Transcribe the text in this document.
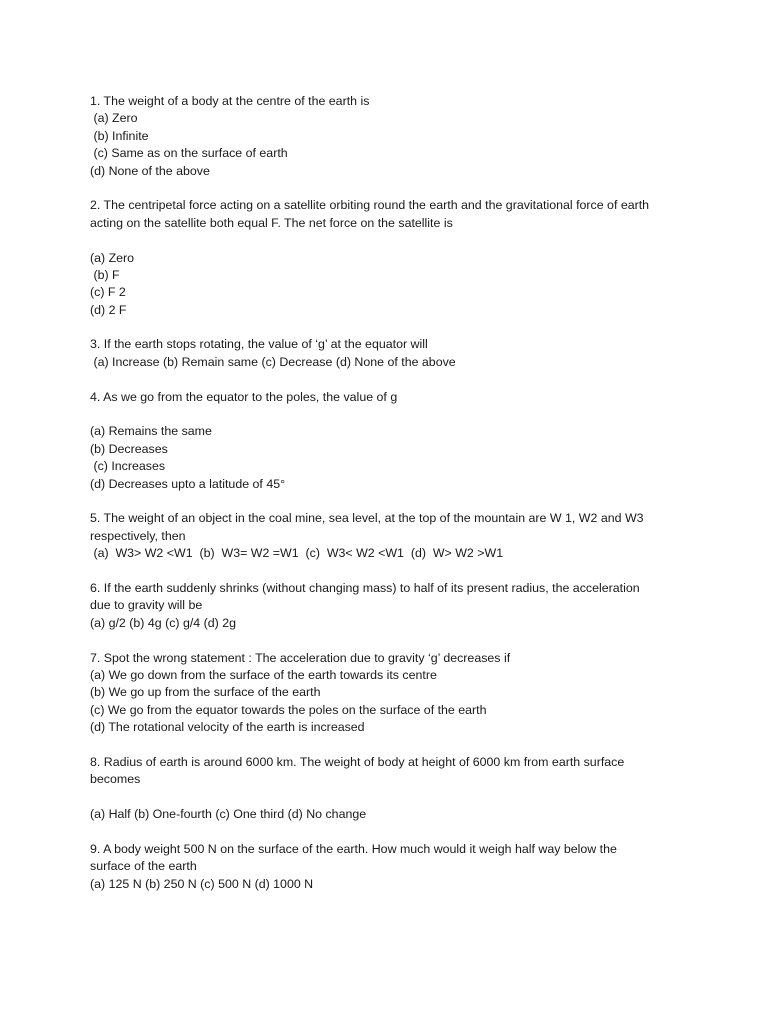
1. The weight of a body at the centre of the earth is
(a) Zero
(b) Infinite
(c) Same as on the surface of earth
(d) None of the above
2. The centripetal force acting on a satellite orbiting round the earth and the gravitational force of earth
acting on the satellite both equal F. The net force on the satellite is
(a) Zero
(b) F
(c) F 2
(d) 2 F
3. If the earth stops rotating, the value of ‘g’ at the equator will
(a) Increase (b) Remain same (c) Decrease (d) None of the above
4. As we go from the equator to the poles, the value of g
(a) Remains the same
(b) Decreases
(c) Increases
(d) Decreases upto a latitude of 45°
5. The weight of an object in the coal mine, sea level, at the top of the mountain are W 1, W2 and W3
respectively, then
(a)  W3> W2 <W1  (b)  W3= W2 =W1  (c)  W3< W2 <W1  (d)  W> W2 >W1
6. If the earth suddenly shrinks (without changing mass) to half of its present radius, the acceleration
due to gravity will be
(a) g/2 (b) 4g (c) g/4 (d) 2g
7. Spot the wrong statement : The acceleration due to gravity ‘g’ decreases if
(a) We go down from the surface of the earth towards its centre
(b) We go up from the surface of the earth
(c) We go from the equator towards the poles on the surface of the earth
(d) The rotational velocity of the earth is increased
8. Radius of earth is around 6000 km. The weight of body at height of 6000 km from earth surface
becomes
(a) Half (b) One-fourth (c) One third (d) No change
9. A body weight 500 N on the surface of the earth. How much would it weigh half way below the
surface of the earth
(a) 125 N (b) 250 N (c) 500 N (d) 1000 N
